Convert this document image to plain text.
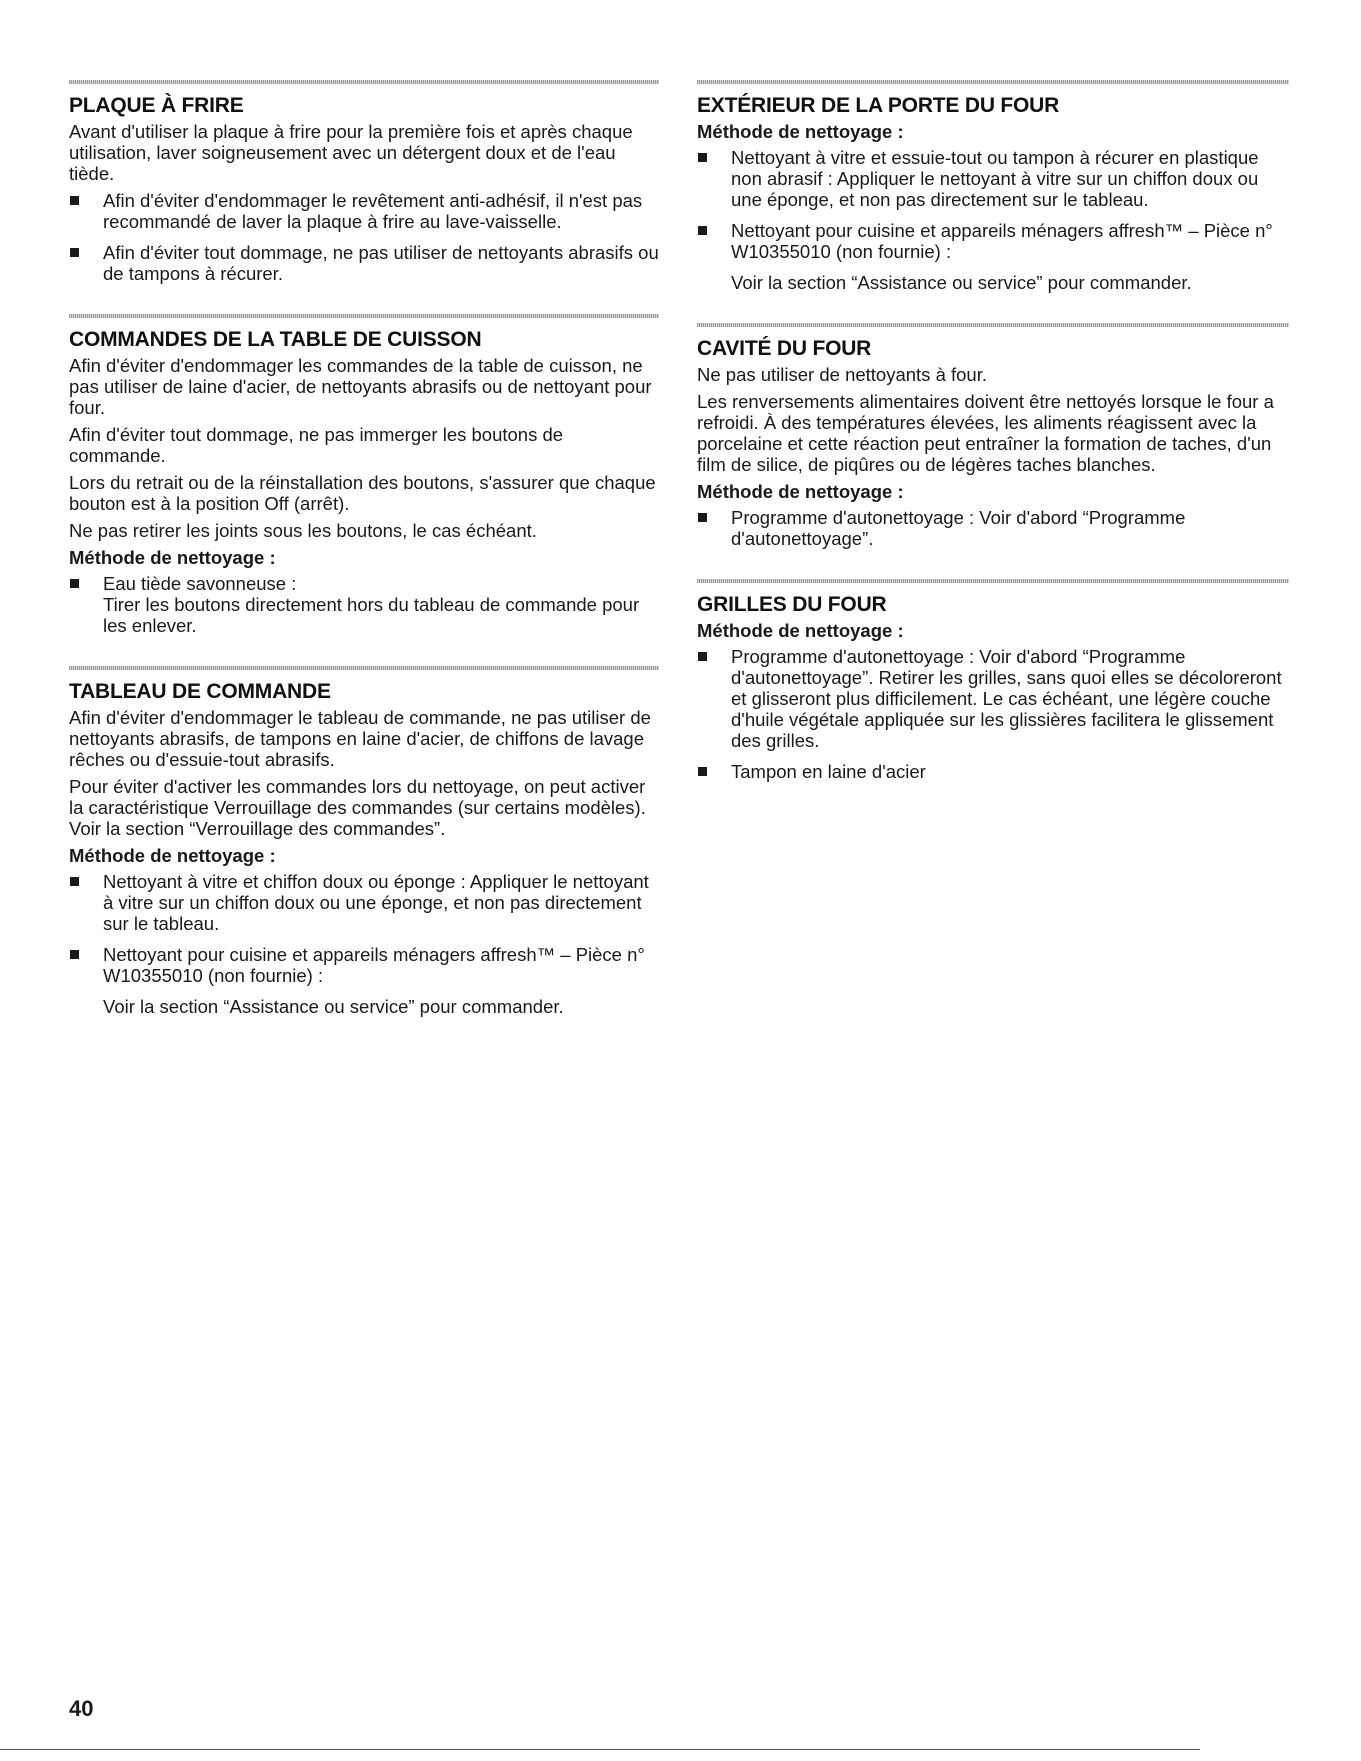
PLAQUE À FRIRE

Avant d'utiliser la plaque à frire pour la première fois et après chaque utilisation, laver soigneusement avec un détergent doux et de l'eau tiède.

Afin d'éviter d'endommager le revêtement anti-adhésif, il n'est pas recommandé de laver la plaque à frire au lave-vaisselle.
Afin d'éviter tout dommage, ne pas utiliser de nettoyants abrasifs ou de tampons à récurer.
COMMANDES DE LA TABLE DE CUISSON

Afin d'éviter d'endommager les commandes de la table de cuisson, ne pas utiliser de laine d'acier, de nettoyants abrasifs ou de nettoyant pour four.

Afin d'éviter tout dommage, ne pas immerger les boutons de commande.

Lors du retrait ou de la réinstallation des boutons, s'assurer que chaque bouton est à la position Off (arrêt).

Ne pas retirer les joints sous les boutons, le cas échéant.

Méthode de nettoyage :
Eau tiède savonneuse :
Tirer les boutons directement hors du tableau de commande pour les enlever.
TABLEAU DE COMMANDE

Afin d'éviter d'endommager le tableau de commande, ne pas utiliser de nettoyants abrasifs, de tampons en laine d'acier, de chiffons de lavage rêches ou d'essuie-tout abrasifs.

Pour éviter d'activer les commandes lors du nettoyage, on peut activer la caractéristique Verrouillage des commandes (sur certains modèles). Voir la section “Verrouillage des commandes”.

Méthode de nettoyage :
Nettoyant à vitre et chiffon doux ou éponge : Appliquer le nettoyant à vitre sur un chiffon doux ou une éponge, et non pas directement sur le tableau.
Nettoyant pour cuisine et appareils ménagers affresh™ – Pièce n° W10355010 (non fournie) :

Voir la section “Assistance ou service” pour commander.

EXTÉRIEUR DE LA PORTE DU FOUR
Méthode de nettoyage :
Nettoyant à vitre et essuie-tout ou tampon à récurer en plastique non abrasif : Appliquer le nettoyant à vitre sur un chiffon doux ou une éponge, et non pas directement sur le tableau.
Nettoyant pour cuisine et appareils ménagers affresh™ – Pièce n° W10355010 (non fournie) :

Voir la section “Assistance ou service” pour commander.

CAVITÉ DU FOUR

Ne pas utiliser de nettoyants à four.

Les renversements alimentaires doivent être nettoyés lorsque le four a refroidi. À des températures élevées, les aliments réagissent avec la porcelaine et cette réaction peut entraîner la formation de taches, d'un film de silice, de piqûres ou de légères taches blanches.

Méthode de nettoyage :
Programme d'autonettoyage : Voir d'abord “Programme d'autonettoyage”.
GRILLES DU FOUR
Méthode de nettoyage :
Programme d'autonettoyage : Voir d'abord “Programme d'autonettoyage”. Retirer les grilles, sans quoi elles se décoloreront et glisseront plus difficilement. Le cas échéant, une légère couche d'huile végétale appliquée sur les glissières facilitera le glissement des grilles.
Tampon en laine d'acier
40
